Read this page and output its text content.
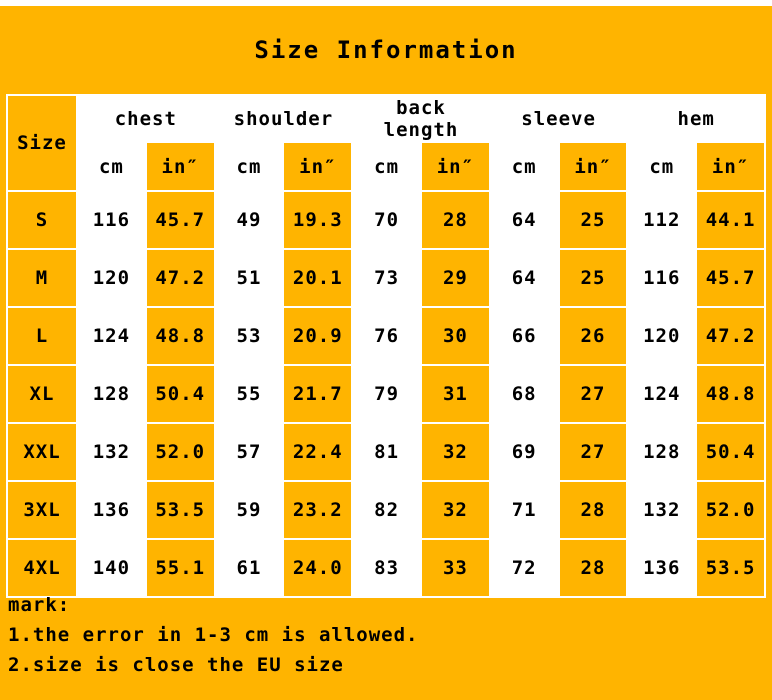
Size Information
Size	chest		shoulder		back length		sleeve		hem	
	cm	in″	cm	in″	cm	in″	cm	in″	cm	in″
S	116	45.7	49	19.3	70	28	64	25	112	44.1
M	120	47.2	51	20.1	73	29	64	25	116	45.7
L	124	48.8	53	20.9	76	30	66	26	120	47.2
XL	128	50.4	55	21.7	79	31	68	27	124	48.8
XXL	132	52.0	57	22.4	81	32	69	27	128	50.4
3XL	136	53.5	59	23.2	82	32	71	28	132	52.0
4XL	140	55.1	61	24.0	83	33	72	28	136	53.5
mark:
1.the error in 1-3 cm is allowed.
2.size is close the EU size
